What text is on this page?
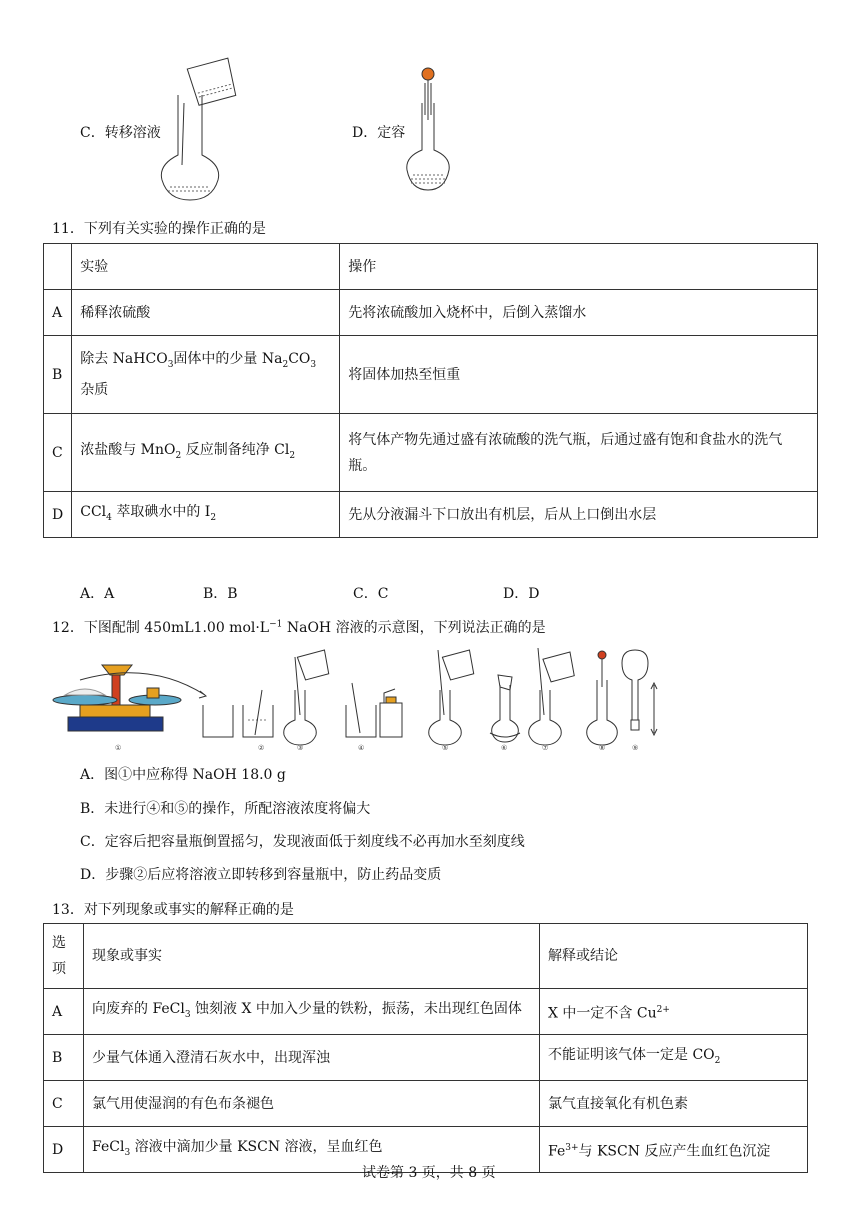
C．转移溶液	D．定容
11．下列有关实验的操作正确的是
	实验	操作
A	稀释浓硫酸	先将浓硫酸加入烧杯中，后倒入蒸馏水
B	除去 NaHCO$_3$固体中的少量 $Na_2CO_3$ 杂质	将固体加热至恒重
C	浓盐酸与 MnO$_2$ 反应制备纯净 $Cl_2$	将气体产物先通过盛有浓硫酸的洗气瓶，后通过盛有饱和食盐水的洗气瓶。
D	CCl$_4$ 萃取碘水中的 $I_2$	先从分液漏斗下口放出有机层，后从上口倒出水层
A．A	B．B	C．C	D．D
12．下图配制 450mL1.00 $mol\cdot L^{-1}$ NaOH 溶液的示意图，下列说法正确的是
①	②	③	④	⑤	⑥	⑦	⑧	⑨
A．图①中应称得 NaOH 18.0 g
B．未进行④和⑤的操作，所配溶液浓度将偏大
C．定容后把容量瓶倒置摇匀，发现液面低于刻度线不必再加水至刻度线
D．步骤②后应将溶液立即转移到容量瓶中，防止药品变质
13．对下列现象或事实的解释正确的是
选项	现象或事实	解释或结论
A	向废弃的 FeCl$_3$ 蚀刻液 X 中加入少量的铁粉，振荡，未出现红色固体	X 中一定不含 $Cu^{2+}$
B	少量气体通入澄清石灰水中，出现浑浊	不能证明该气体一定是 $CO_2$
C	氯气用使湿润的有色布条褪色	氯气直接氧化有机色素
D	FeCl$_3$ 溶液中滴加少量 KSCN 溶液，呈血红色	$Fe^{3+}$与 KSCN 反应产生血红色沉淀
试卷第 3 页，共 8 页
